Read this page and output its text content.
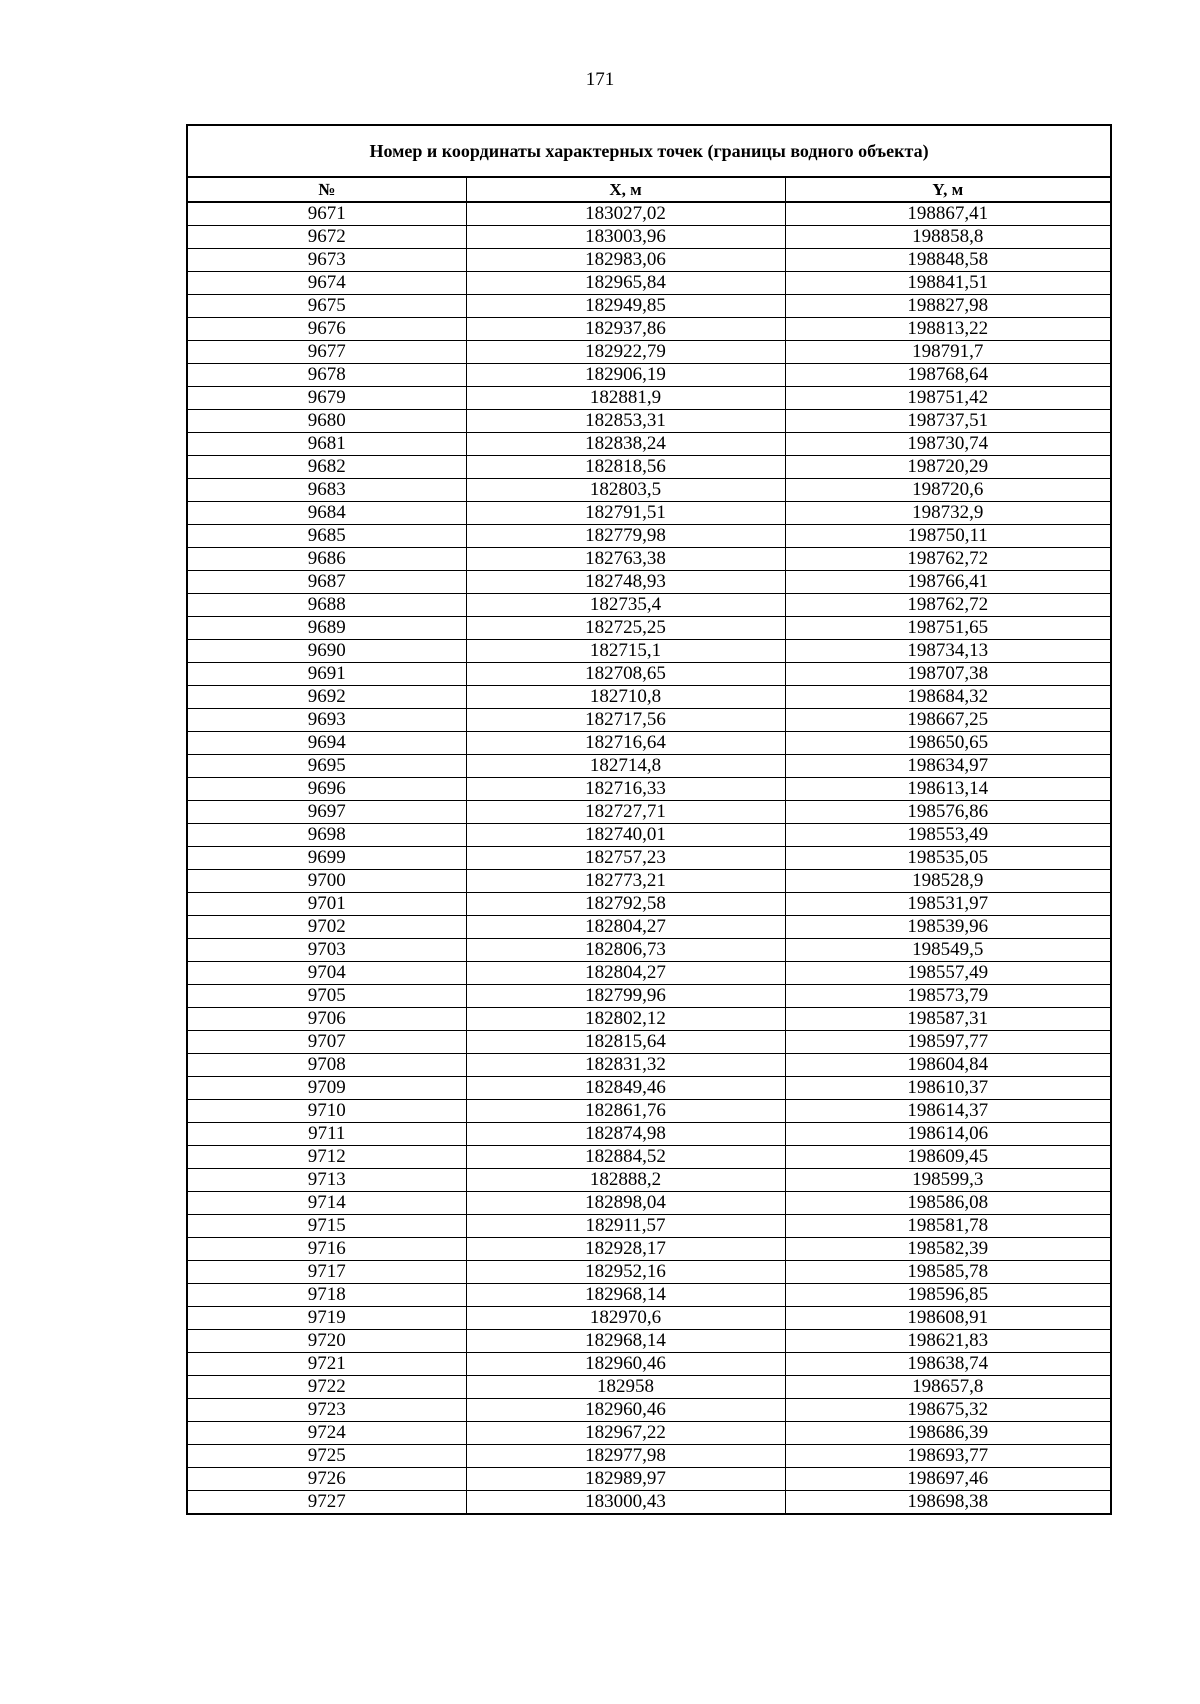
171
Номер и координаты характерных точек (границы водного объекта)		
№	X, м	Y, м
9671	183027,02	198867,41
9672	183003,96	198858,8
9673	182983,06	198848,58
9674	182965,84	198841,51
9675	182949,85	198827,98
9676	182937,86	198813,22
9677	182922,79	198791,7
9678	182906,19	198768,64
9679	182881,9	198751,42
9680	182853,31	198737,51
9681	182838,24	198730,74
9682	182818,56	198720,29
9683	182803,5	198720,6
9684	182791,51	198732,9
9685	182779,98	198750,11
9686	182763,38	198762,72
9687	182748,93	198766,41
9688	182735,4	198762,72
9689	182725,25	198751,65
9690	182715,1	198734,13
9691	182708,65	198707,38
9692	182710,8	198684,32
9693	182717,56	198667,25
9694	182716,64	198650,65
9695	182714,8	198634,97
9696	182716,33	198613,14
9697	182727,71	198576,86
9698	182740,01	198553,49
9699	182757,23	198535,05
9700	182773,21	198528,9
9701	182792,58	198531,97
9702	182804,27	198539,96
9703	182806,73	198549,5
9704	182804,27	198557,49
9705	182799,96	198573,79
9706	182802,12	198587,31
9707	182815,64	198597,77
9708	182831,32	198604,84
9709	182849,46	198610,37
9710	182861,76	198614,37
9711	182874,98	198614,06
9712	182884,52	198609,45
9713	182888,2	198599,3
9714	182898,04	198586,08
9715	182911,57	198581,78
9716	182928,17	198582,39
9717	182952,16	198585,78
9718	182968,14	198596,85
9719	182970,6	198608,91
9720	182968,14	198621,83
9721	182960,46	198638,74
9722	182958	198657,8
9723	182960,46	198675,32
9724	182967,22	198686,39
9725	182977,98	198693,77
9726	182989,97	198697,46
9727	183000,43	198698,38
